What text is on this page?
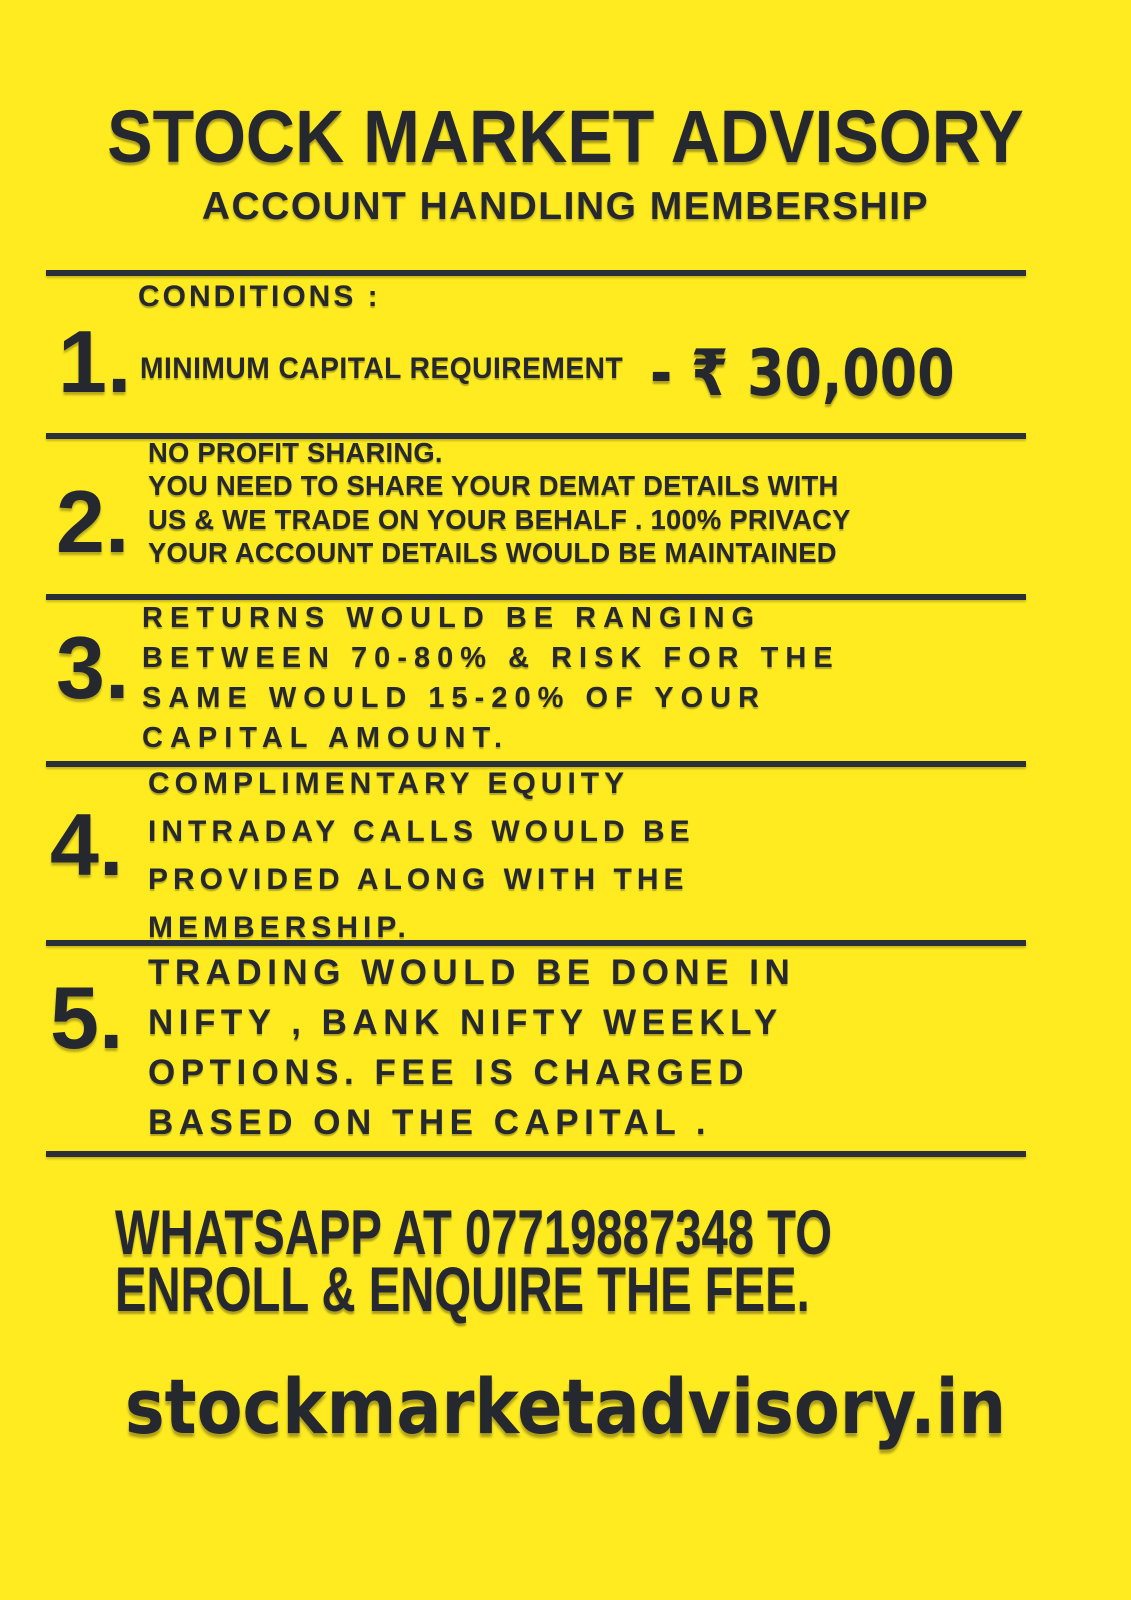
STOCK MARKET ADVISORY
ACCOUNT HANDLING MEMBERSHIP
CONDITIONS :
1. MINIMUM CAPITAL REQUIREMENT - ₹ 30,000
2.
NO PROFIT SHARING.
YOU NEED TO SHARE YOUR DEMAT DETAILS WITH
US & WE TRADE ON YOUR BEHALF . 100% PRIVACY
YOUR ACCOUNT DETAILS WOULD BE MAINTAINED
3. RETURNS WOULD BE RANGING
BETWEEN 70-80% & RISK FOR THE
SAME WOULD 15-20% OF YOUR
CAPITAL AMOUNT.
4.
COMPLIMENTARY EQUITY
INTRADAY CALLS WOULD BE
PROVIDED ALONG WITH THE
MEMBERSHIP.
5. TRADING WOULD BE DONE IN
NIFTY , BANK NIFTY WEEKLY
OPTIONS. FEE IS CHARGED
BASED ON THE CAPITAL .
WHATSAPP AT 07719887348 TO
ENROLL & ENQUIRE THE FEE.
stockmarketadvisory.in
